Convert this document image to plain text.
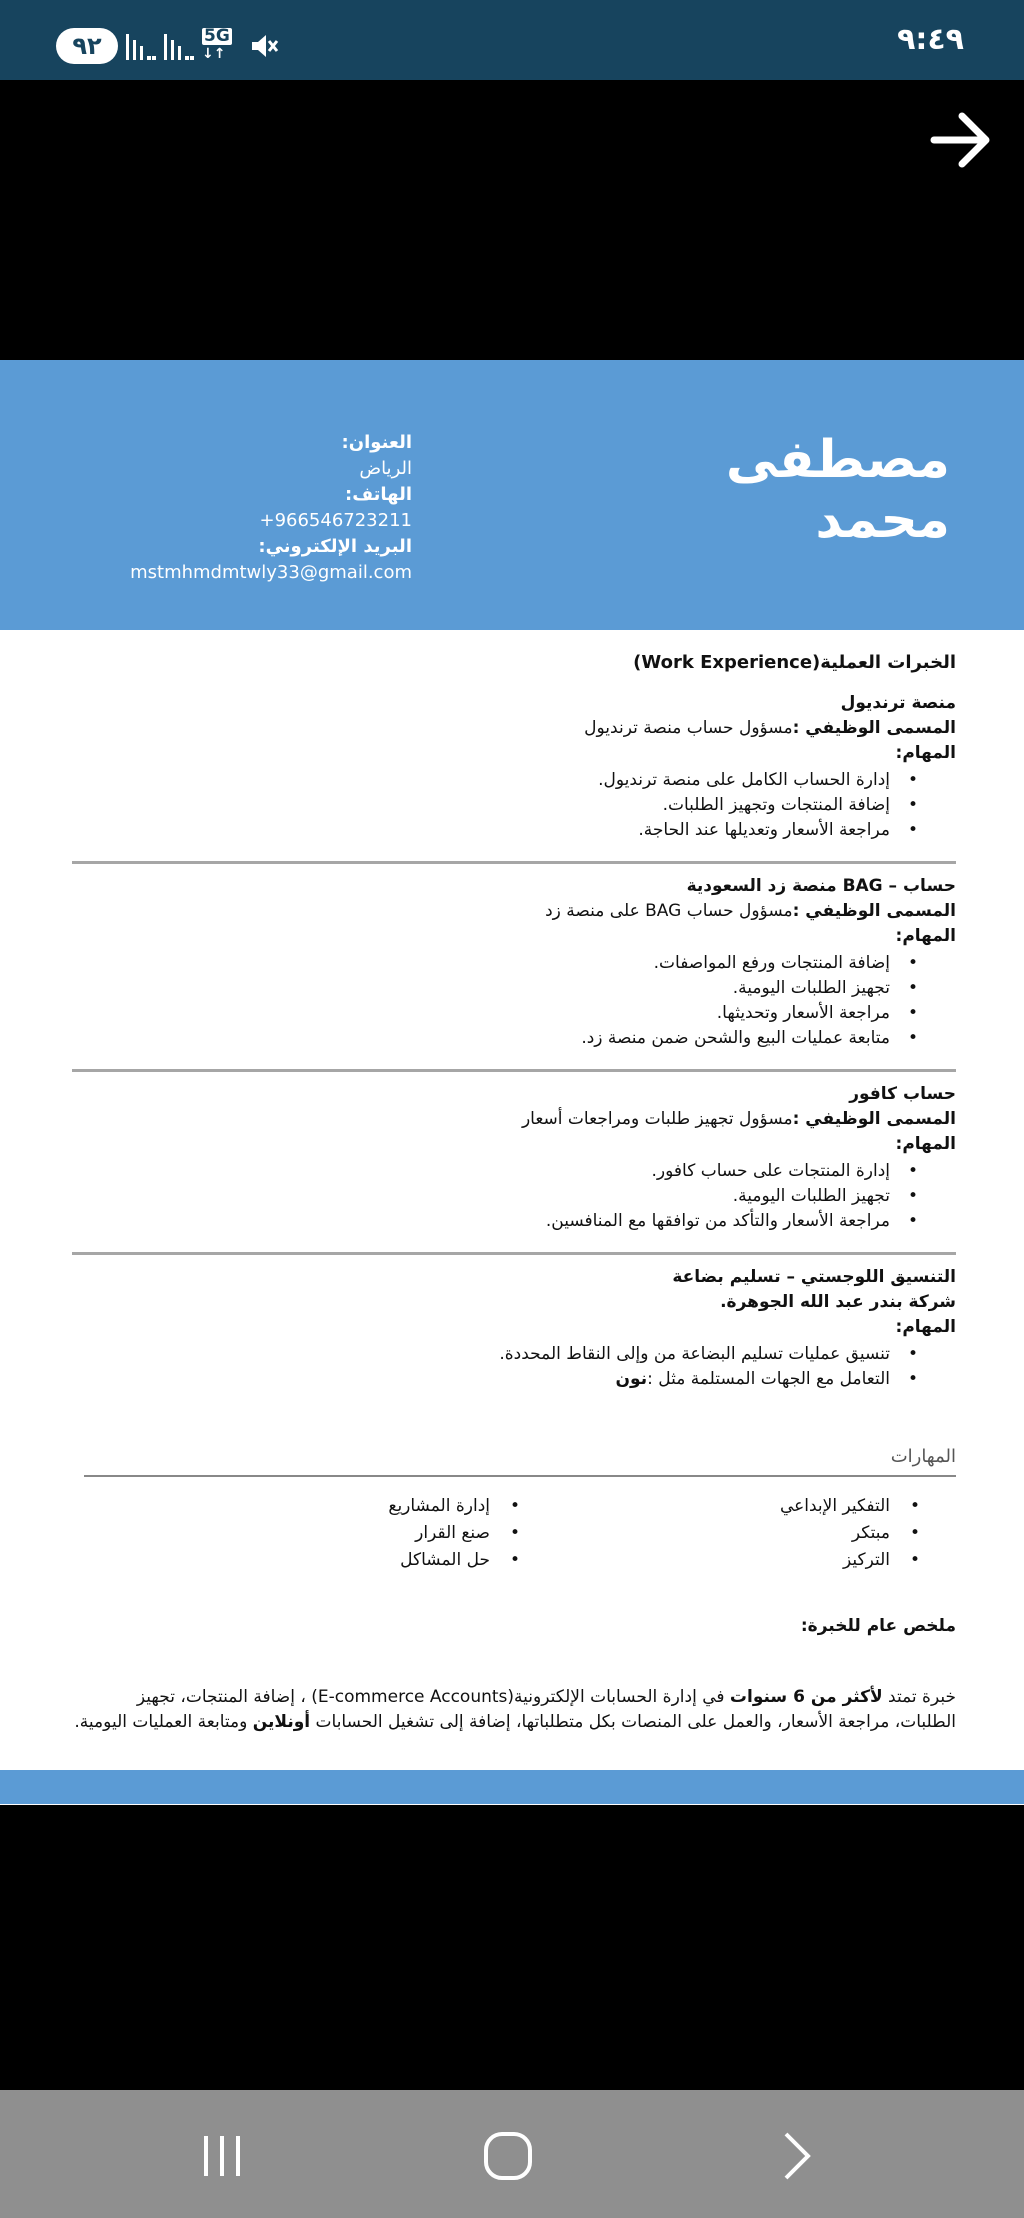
٩٢	5G
↓↑	٩:٤٩
مصطفى محمد
العنوان:
الرياض
الهاتف:
+966546723211
البريد الإلكتروني:
mstmhmdmtwly33@gmail.com
الخبرات العملية(Work Experience)
منصة ترنديول
المسمى الوظيفي :مسؤول حساب منصة ترنديول
المهام:
• إدارة الحساب الكامل على منصة ترنديول.
• إضافة المنتجات وتجهيز الطلبات.
• مراجعة الأسعار وتعديلها عند الحاجة.
حساب – BAG منصة زد السعودية
المسمى الوظيفي :مسؤول حساب BAG على منصة زد
المهام:
• إضافة المنتجات ورفع المواصفات.
• تجهيز الطلبات اليومية.
• مراجعة الأسعار وتحديثها.
• متابعة عمليات البيع والشحن ضمن منصة زد.
حساب كافور
المسمى الوظيفي :مسؤول تجهيز طلبات ومراجعات أسعار
المهام:
• إدارة المنتجات على حساب كافور.
• تجهيز الطلبات اليومية.
• مراجعة الأسعار والتأكد من توافقها مع المنافسين.
التنسيق اللوجستي – تسليم بضاعة
شركة بندر عبد الله الجوهرة.
المهام:
• تنسيق عمليات تسليم البضاعة من وإلى النقاط المحددة.
• التعامل مع الجهات المستلمة مثل :نون
المهارات
• التفكير الإبداعي
• مبتكر
• التركيز
• إدارة المشاريع
• صنع القرار
• حل المشاكل
ملخص عام للخبرة:
خبرة تمتد لأكثر من 6 سنوات في إدارة الحسابات الإلكترونية(E-commerce Accounts) ، إضافة المنتجات، تجهيز الطلبات، مراجعة الأسعار، والعمل على المنصات بكل متطلباتها، إضافة إلى تشغيل الحسابات أونلاين ومتابعة العمليات اليومية.
